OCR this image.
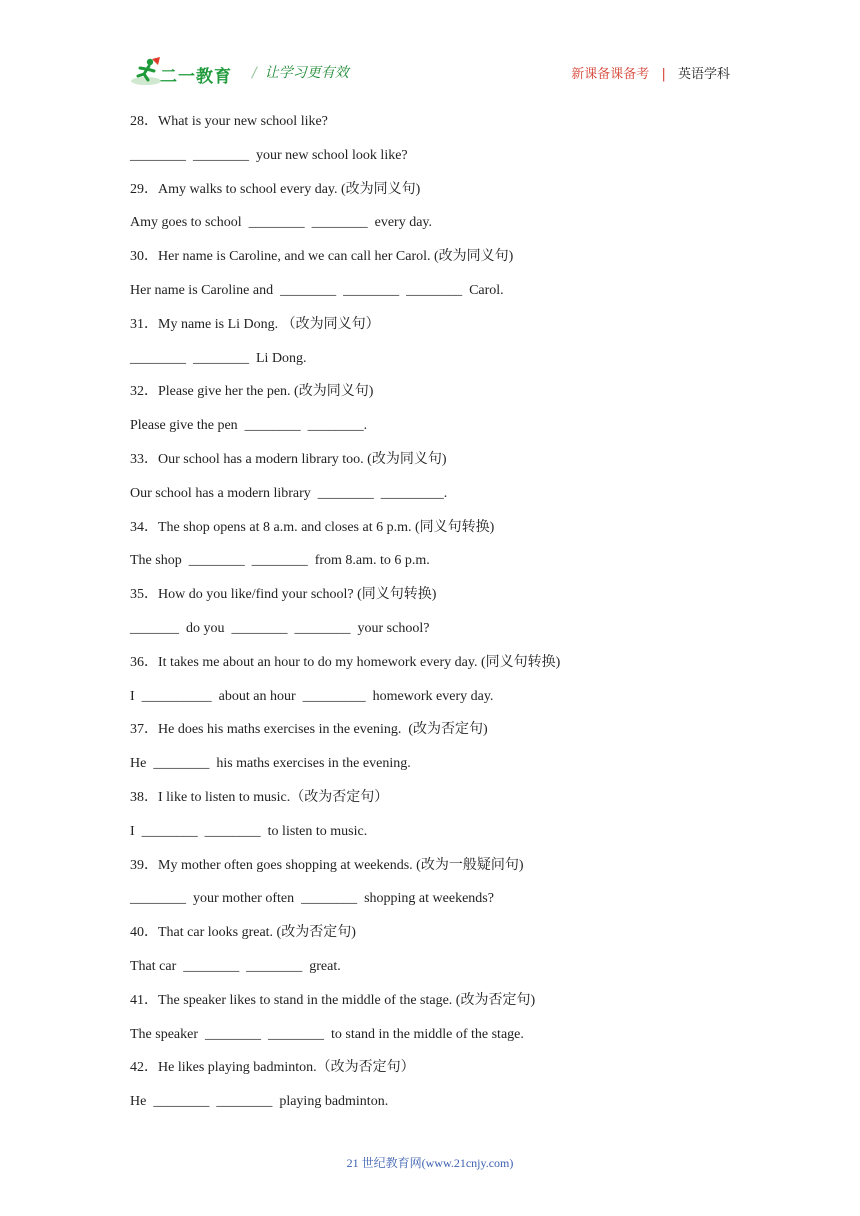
二一教育 / 让学习更有效	新课备课备考 | 英语学科
28．What is your new school like?
________  ________  your new school look like?
29．Amy walks to school every day. (改为同义句)
Amy goes to school  ________  ________  every day.
30．Her name is Caroline, and we can call her Carol. (改为同义句)
Her name is Caroline and  ________  ________  ________  Carol.
31．My name is Li Dong. （改为同义句）
________  ________  Li Dong.
32．Please give her the pen. (改为同义句)
Please give the pen  ________  ________.
33．Our school has a modern library too. (改为同义句)
Our school has a modern library  ________  _________.
34．The shop opens at 8 a.m. and closes at 6 p.m. (同义句转换)
The shop  ________  ________  from 8.am. to 6 p.m.
35．How do you like/find your school? (同义句转换)
_______  do you  ________  ________  your school?
36．It takes me about an hour to do my homework every day. (同义句转换)
I  __________  about an hour  _________  homework every day.
37．He does his maths exercises in the evening.  (改为否定句)
He  ________  his maths exercises in the evening.
38．I like to listen to music.（改为否定句）
I  ________  ________  to listen to music.
39．My mother often goes shopping at weekends. (改为一般疑问句)
________  your mother often  ________  shopping at weekends?
40．That car looks great. (改为否定句)
That car  ________  ________  great.
41．The speaker likes to stand in the middle of the stage. (改为否定句)
The speaker  ________  ________  to stand in the middle of the stage.
42．He likes playing badminton.（改为否定句）
He  ________  ________  playing badminton.
21 世纪教育网(www.21cnjy.com)
